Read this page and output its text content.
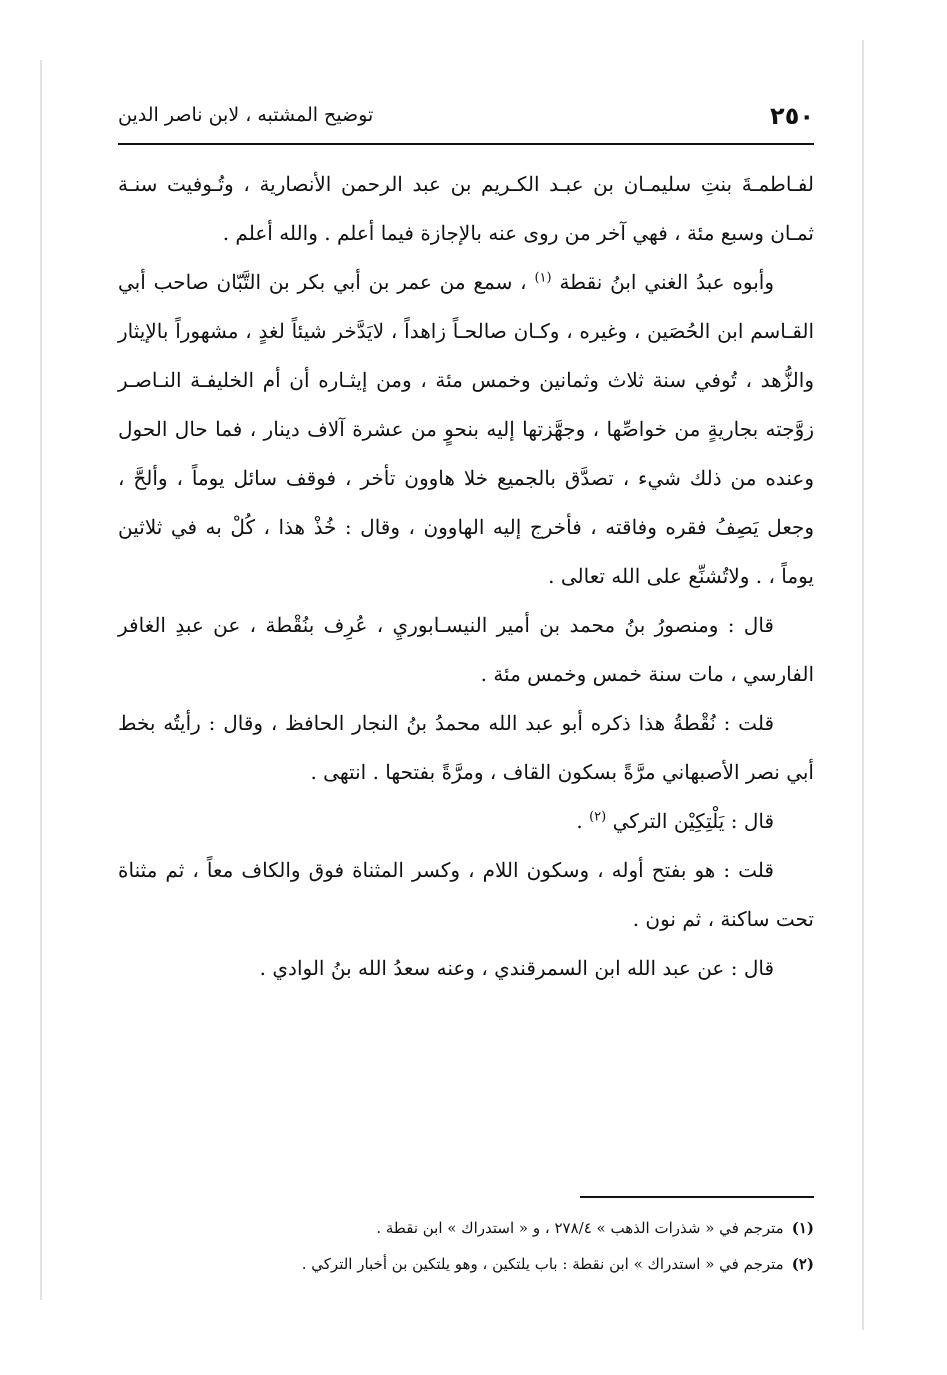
٢٥٠
توضيح المشتبه ، لابن ناصر الدين

لفـاطمـةَ بنتِ سليمـان بن عبـد الكـريم بن عبد الرحمن الأنصارية ، وتُـوفيت سنـة ثمـان وسبع مئة ، فهي آخر من روى عنه بالإجازة فيما أعلم . والله أعلم .

وأبوه عبدُ الغني ابنُ نقطة $^{(١)}$ ، سمع من عمر بن أبي بكر بن التَّبّان صاحب أبي القـاسم ابن الحُصَين ، وغيره ، وكـان صالحـاً زاهداً ، لايَدَّخر شيئاً لغدٍ ، مشهوراً بالإيثار والزُّهد ، تُوفي سنة ثلاث وثمانين وخمس مئة ، ومن إيثـاره أن أم الخليفـة النـاصـر زوَّجته بجاريةٍ من خواصِّها ، وجهَّزتها إليه بنحوٍ من عشرة آلاف دينار ، فما حال الحول وعنده من ذلك شيء ، تصدَّق بالجميع خلا هاوون تأخر ، فوقف سائل يوماً ، وألحَّ ، وجعل يَصِفُ فقره وفاقته ، فأخرج إليه الهاوون ، وقال : خُذْ هذا ، كُلْ به في ثلاثين يوماً ، . ولاتُشنِّع على الله تعالى .

قال : ومنصورُ بنُ محمد بن أمير النيسـابوريِ ، عُرِف بنُقْطة ، عن عبدِ الغافر الفارسي ، مات سنة خمس وخمس مئة .

قلت : نُقْطةُ هذا ذكره أبو عبد الله محمدُ بنُ النجار الحافظ ، وقال : رأيتُه بخط أبي نصر الأصبهاني مرَّةً بسكون القاف ، ومرَّةً بفتحها . انتهى .

قال : يَلْتِكِيْن التركي $^{(٢)}$ .

قلت : هو بفتح أوله ، وسكون اللام ، وكسر المثناة فوق والكاف معاً ، ثم مثناة تحت ساكنة ، ثم نون .

قال : عن عبد الله ابن السمرقندي ، وعنه سعدُ الله بنُ الوادي .

(١)مترجم في « شذرات الذهب » ٢٧٨/٤ ، و « استدراك » ابن نقطة .

(٢)مترجم في « استدراك » ابن نقطة : باب يلتكين ، وهو يلتكين بن أخبار التركي .
